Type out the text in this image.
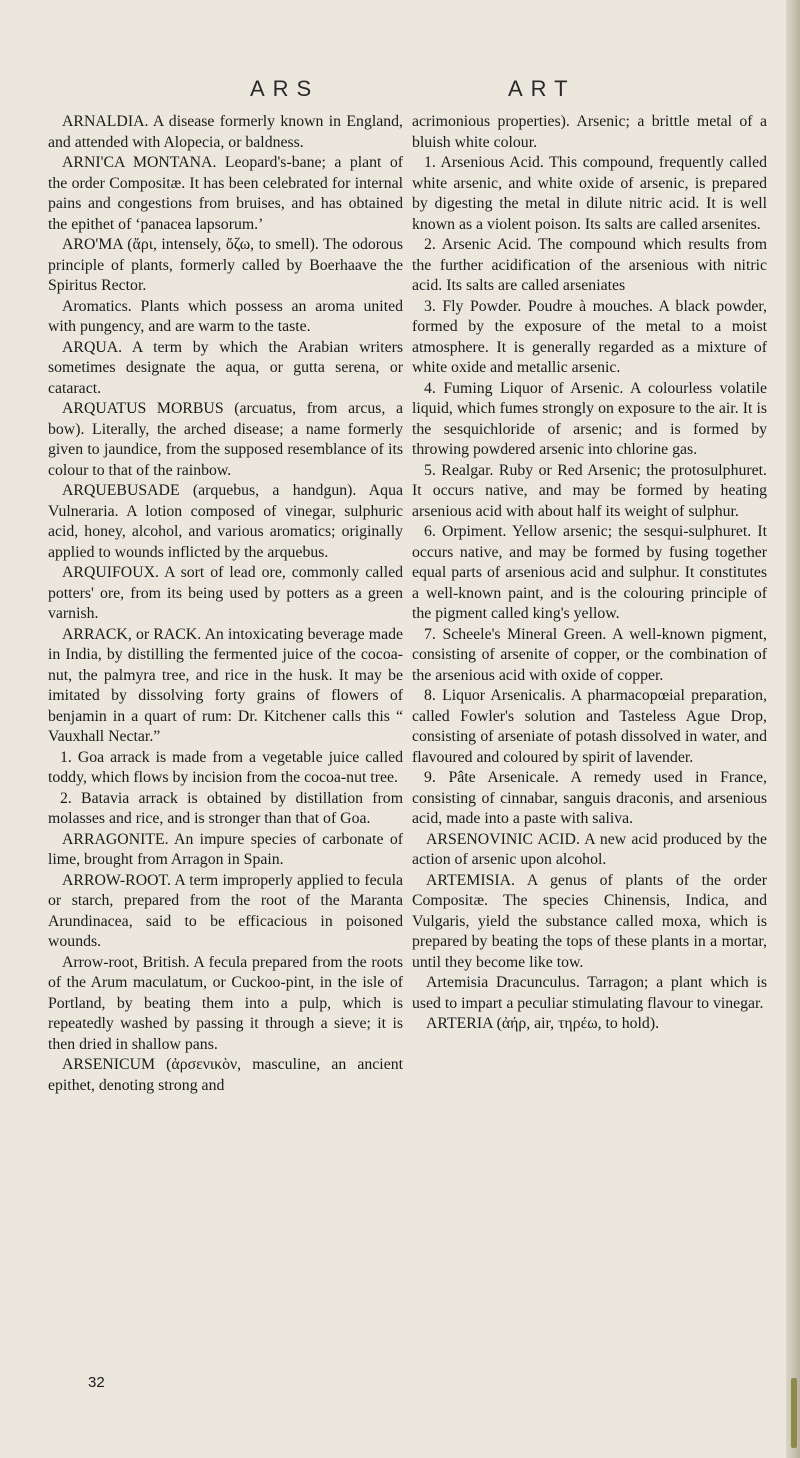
ARS	ART

ARNALDIA. A disease formerly known in England, and attended with Alopecia, or baldness.

ARNI'CA MONTANA. Leopard's-bane; a plant of the order Compositæ. It has been celebrated for internal pains and congestions from bruises, and has obtained the epithet of ‘panacea lapsorum.’

ARO'MA (ἄρι, intensely, ὄζω, to smell). The odorous principle of plants, formerly called by Boerhaave the Spiritus Rector.

Aromatics. Plants which possess an aroma united with pungency, and are warm to the taste.

ARQUA. A term by which the Arabian writers sometimes designate the aqua, or gutta serena, or cataract.

ARQUATUS MORBUS (arcuatus, from arcus, a bow). Literally, the arched disease; a name formerly given to jaundice, from the supposed resemblance of its colour to that of the rainbow.

ARQUEBUSADE (arquebus, a handgun). Aqua Vulneraria. A lotion composed of vinegar, sulphuric acid, honey, alcohol, and various aromatics; originally applied to wounds inflicted by the arquebus.

ARQUIFOUX. A sort of lead ore, commonly called potters' ore, from its being used by potters as a green varnish.

ARRACK, or RACK. An intoxicating beverage made in India, by distilling the fermented juice of the cocoa-nut, the palmyra tree, and rice in the husk. It may be imitated by dissolving forty grains of flowers of benjamin in a quart of rum: Dr. Kitchener calls this “ Vauxhall Nectar.”

1. Goa arrack is made from a vegetable juice called toddy, which flows by incision from the cocoa-nut tree.

2. Batavia arrack is obtained by distillation from molasses and rice, and is stronger than that of Goa.

ARRAGONITE. An impure species of carbonate of lime, brought from Arragon in Spain.

ARROW-ROOT. A term improperly applied to fecula or starch, prepared from the root of the Maranta Arundinacea, said to be efficacious in poisoned wounds.

Arrow-root, British. A fecula prepared from the roots of the Arum maculatum, or Cuckoo-pint, in the isle of Portland, by beating them into a pulp, which is repeatedly washed by passing it through a sieve; it is then dried in shallow pans.

ARSENICUM (ἀρσενικὸν, masculine, an ancient epithet, denoting strong and

acrimonious properties). Arsenic; a brittle metal of a bluish white colour.

1. Arsenious Acid. This compound, frequently called white arsenic, and white oxide of arsenic, is prepared by digesting the metal in dilute nitric acid. It is well known as a violent poison. Its salts are called arsenites.

2. Arsenic Acid. The compound which results from the further acidification of the arsenious with nitric acid. Its salts are called arseniates

3. Fly Powder. Poudre à mouches. A black powder, formed by the exposure of the metal to a moist atmosphere. It is generally regarded as a mixture of white oxide and metallic arsenic.

4. Fuming Liquor of Arsenic. A colourless volatile liquid, which fumes strongly on exposure to the air. It is the sesquichloride of arsenic; and is formed by throwing powdered arsenic into chlorine gas.

5. Realgar. Ruby or Red Arsenic; the protosulphuret. It occurs native, and may be formed by heating arsenious acid with about half its weight of sulphur.

6. Orpiment. Yellow arsenic; the sesqui-sulphuret. It occurs native, and may be formed by fusing together equal parts of arsenious acid and sulphur. It constitutes a well-known paint, and is the colouring principle of the pigment called king's yellow.

7. Scheele's Mineral Green. A well-known pigment, consisting of arsenite of copper, or the combination of the arsenious acid with oxide of copper.

8. Liquor Arsenicalis. A pharmacopœial preparation, called Fowler's solution and Tasteless Ague Drop, consisting of arseniate of potash dissolved in water, and flavoured and coloured by spirit of lavender.

9. Pâte Arsenicale. A remedy used in France, consisting of cinnabar, sanguis draconis, and arsenious acid, made into a paste with saliva.

ARSENOVINIC ACID. A new acid produced by the action of arsenic upon alcohol.

ARTEMISIA. A genus of plants of the order Compositæ. The species Chinensis, Indica, and Vulgaris, yield the substance called moxa, which is prepared by beating the tops of these plants in a mortar, until they become like tow.

Artemisia Dracunculus. Tarragon; a plant which is used to impart a peculiar stimulating flavour to vinegar.

ARTERIA (ἀήρ, air, τηρέω, to hold).

32
